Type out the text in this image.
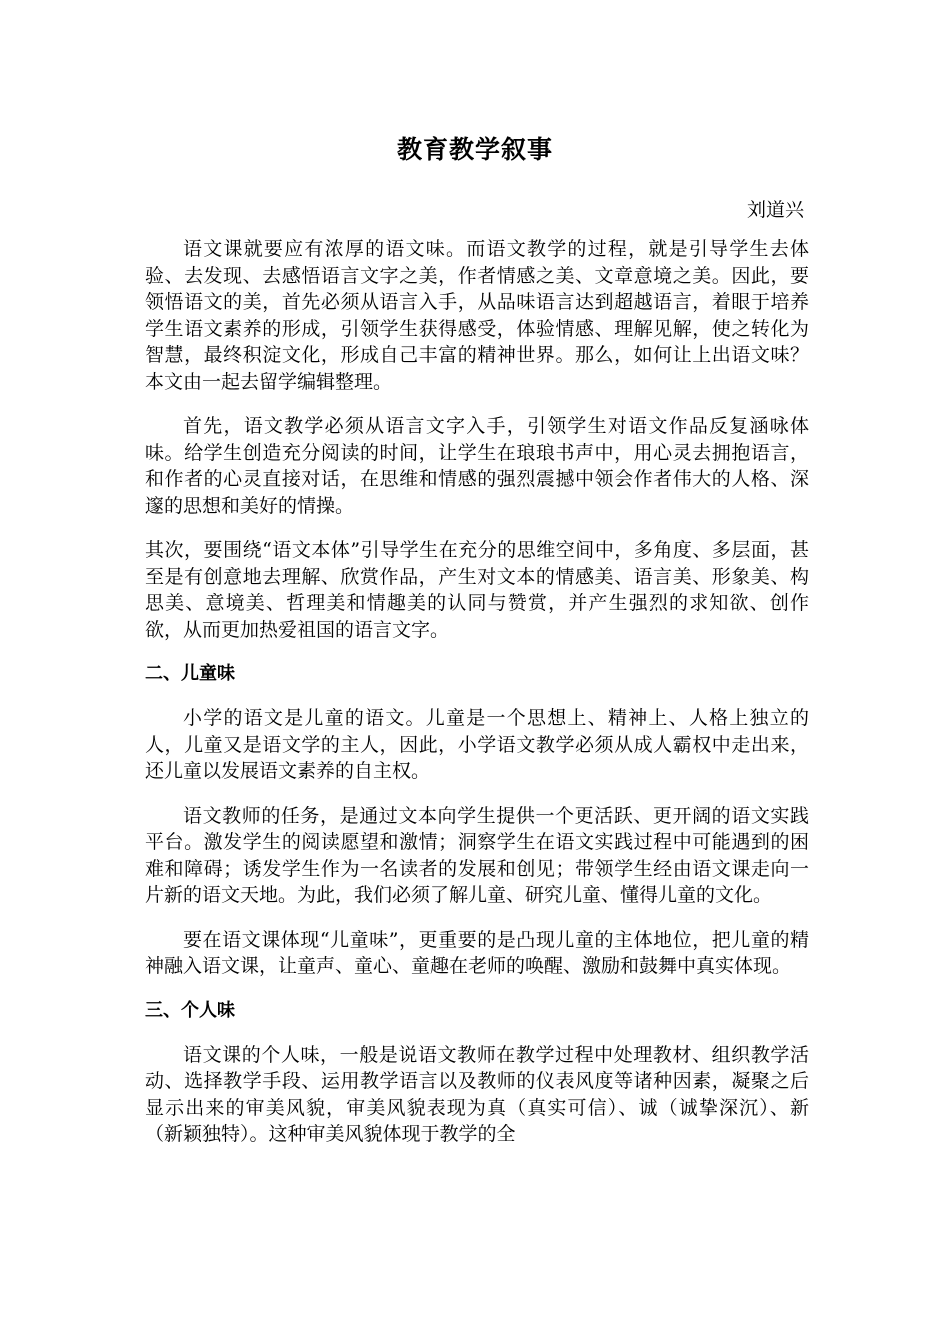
教育教学叙事
刘道兴

语文课就要应有浓厚的语文味。而语文教学的过程，就是引导学生去体验、去发现、去感悟语言文字之美，作者情感之美、文章意境之美。因此，要领悟语文的美，首先必须从语言入手，从品味语言达到超越语言，着眼于培养学生语文素养的形成，引领学生获得感受，体验情感、理解见解，使之转化为智慧，最终积淀文化，形成自己丰富的精神世界。那么，如何让上出语文味？本文由一起去留学编辑整理。

首先，语文教学必须从语言文字入手，引领学生对语文作品反复涵咏体味。给学生创造充分阅读的时间，让学生在琅琅书声中，用心灵去拥抱语言，和作者的心灵直接对话，在思维和情感的强烈震撼中领会作者伟大的人格、深邃的思想和美好的情操。

其次，要围绕“语文本体”引导学生在充分的思维空间中，多角度、多层面，甚至是有创意地去理解、欣赏作品，产生对文本的情感美、语言美、形象美、构思美、意境美、哲理美和情趣美的认同与赞赏，并产生强烈的求知欲、创作欲，从而更加热爱祖国的语言文字。

二、儿童味

小学的语文是儿童的语文。儿童是一个思想上、精神上、人格上独立的人，儿童又是语文学的主人，因此，小学语文教学必须从成人霸权中走出来，还儿童以发展语文素养的自主权。

语文教师的任务，是通过文本向学生提供一个更活跃、更开阔的语文实践平台。激发学生的阅读愿望和激情；洞察学生在语文实践过程中可能遇到的困难和障碍；诱发学生作为一名读者的发展和创见；带领学生经由语文课走向一片新的语文天地。为此，我们必须了解儿童、研究儿童、懂得儿童的文化。

要在语文课体现“儿童味”，更重要的是凸现儿童的主体地位，把儿童的精神融入语文课，让童声、童心、童趣在老师的唤醒、激励和鼓舞中真实体现。

三、个人味

语文课的个人味，一般是说语文教师在教学过程中处理教材、组织教学活动、选择教学手段、运用教学语言以及教师的仪表风度等诸种因素，凝聚之后显示出来的审美风貌，审美风貌表现为真（真实可信）、诚（诚挚深沉）、新（新颖独特）。这种审美风貌体现于教学的全
